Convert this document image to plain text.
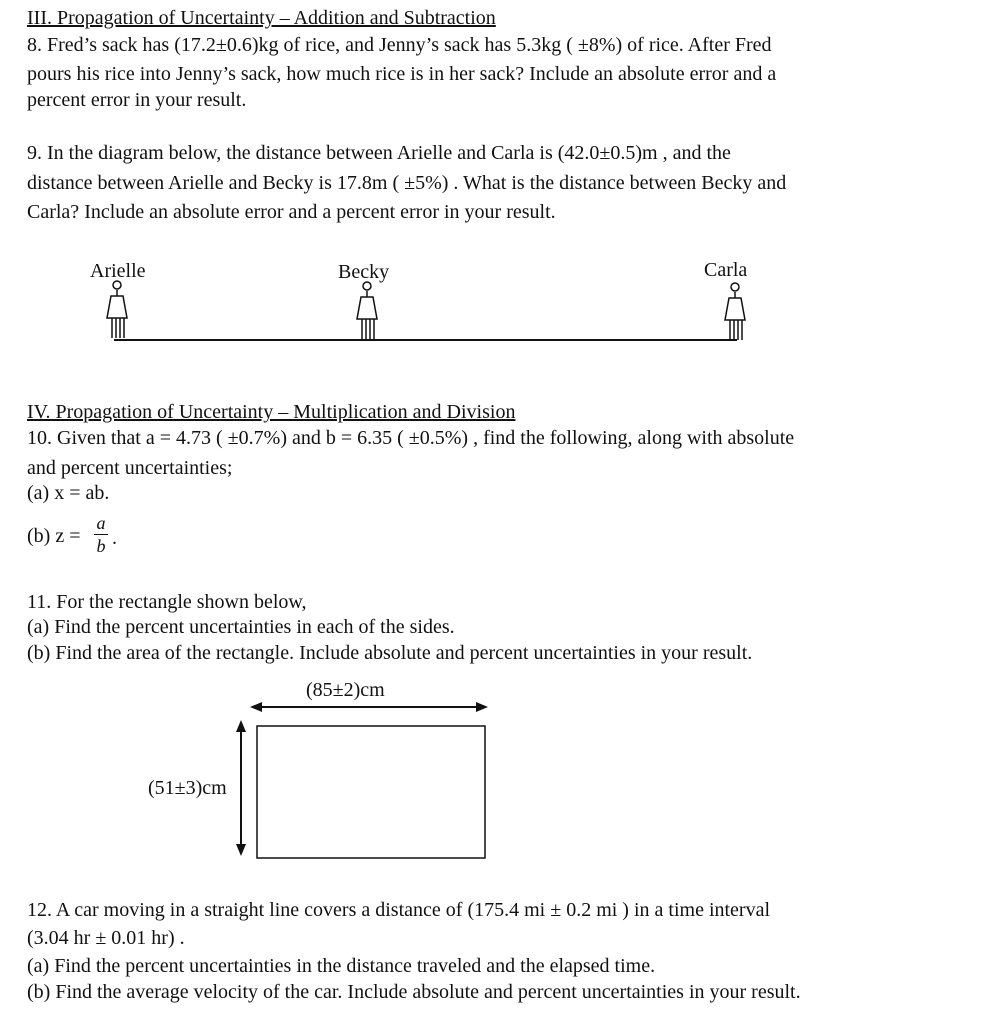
III. Propagation of Uncertainty – Addition and Subtraction
8. Fred’s sack has (17.2±0.6)kg of rice, and Jenny’s sack has 5.3kg ( ±8%) of rice. After Fred
pours his rice into Jenny’s sack, how much rice is in her sack? Include an absolute error and a
percent error in your result.
9. In the diagram below, the distance between Arielle and Carla is (42.0±0.5)m , and the
distance between Arielle and Becky is 17.8m ( ±5%) . What is the distance between Becky and
Carla? Include an absolute error and a percent error in your result.
Arielle	Becky	Carla
IV. Propagation of Uncertainty – Multiplication and Division
10. Given that a = 4.73 ( ±0.7%) and b = 6.35 ( ±0.5%) , find the following, along with absolute
and percent uncertainties;
(a) x = ab.
(b) z =
a
b .
11. For the rectangle shown below,
(a) Find the percent uncertainties in each of the sides.
(b) Find the area of the rectangle. Include absolute and percent uncertainties in your result.
(85±2)cm
(51±3)cm
12. A car moving in a straight line covers a distance of (175.4 mi ± 0.2 mi ) in a time interval
(3.04 hr ± 0.01 hr) .
(a) Find the percent uncertainties in the distance traveled and the elapsed time.
(b) Find the average velocity of the car. Include absolute and percent uncertainties in your result.
